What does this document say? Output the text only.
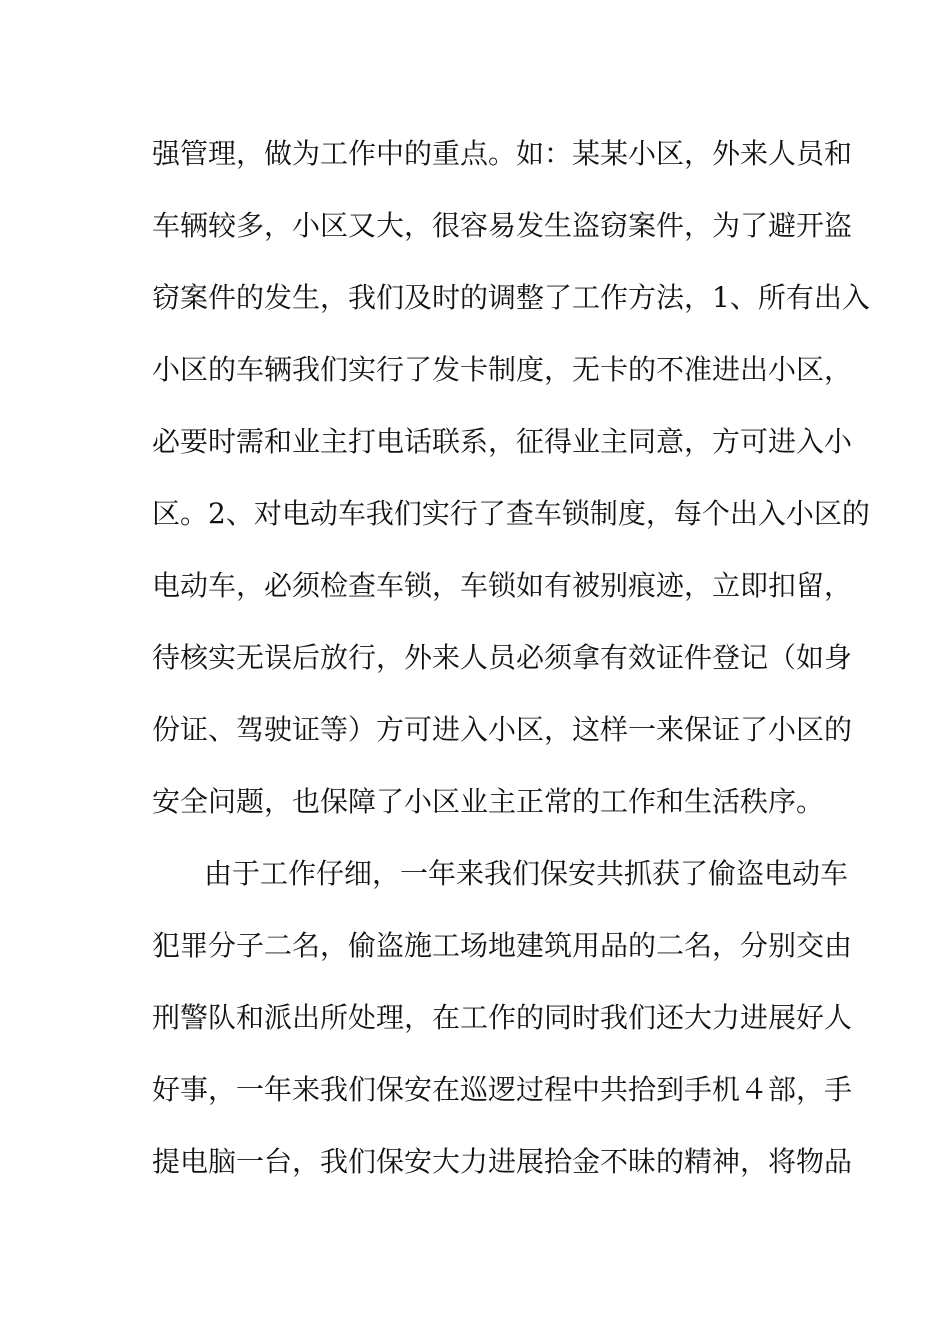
强管理，做为工作中的重点。如：某某小区，外来人员和
车辆较多，小区又大，很容易发生盗窃案件，为了避开盗
窃案件的发生，我们及时的调整了工作方法，1、所有出入
小区的车辆我们实行了发卡制度，无卡的不准进出小区，
必要时需和业主打电话联系，征得业主同意，方可进入小
区。2、对电动车我们实行了查车锁制度，每个出入小区的
电动车，必须检查车锁，车锁如有被别痕迹，立即扣留，
待核实无误后放行，外来人员必须拿有效证件登记（如身
份证、驾驶证等）方可进入小区，这样一来保证了小区的
安全问题，也保障了小区业主正常的工作和生活秩序。
由于工作仔细，一年来我们保安共抓获了偷盗电动车
犯罪分子二名，偷盗施工场地建筑用品的二名，分别交由
刑警队和派出所处理，在工作的同时我们还大力进展好人
好事，一年来我们保安在巡逻过程中共拾到手机４部，手
提电脑一台，我们保安大力进展拾金不昧的精神，将物品
